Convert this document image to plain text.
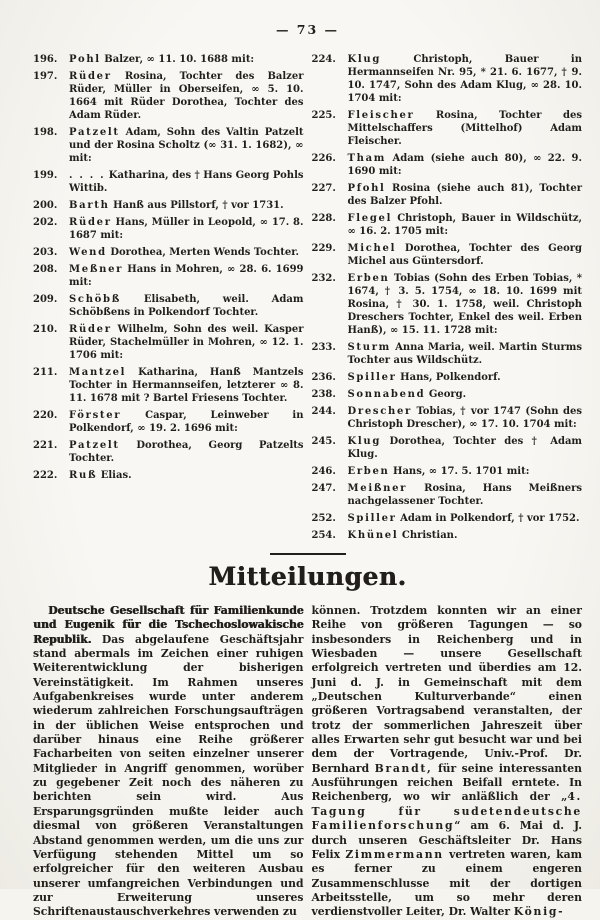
— 73 —
196.	Pohl Balzer, ∞ 11. 10. 1688 mit:
197.	Rüder Rosina, Tochter des Balzer Rüder, Müller in Oberseifen, ∞ 5. 10. 1664 mit Rüder Dorothea, Tochter des Adam Rüder.
198.	Patzelt Adam, Sohn des Valtin Patzelt und der Rosina Scholtz (∞ 31. 1. 1682), ∞ mit:
199.	. . . . Katharina, des † Hans Georg Pohls Wittib.
200.	Barth Hanß aus Pillstorf, † vor 1731.
202.	Rüder Hans, Müller in Leopold, ∞ 17. 8. 1687 mit:
203.	Wend Dorothea, Merten Wends Tochter.
208.	Meßner Hans in Mohren, ∞ 28. 6. 1699 mit:
209.	Schöbß Elisabeth, weil. Adam Schöbßens in Polkendorf Tochter.
210.	Rüder Wilhelm, Sohn des weil. Kasper Rüder, Stachelmüller in Mohren, ∞ 12. 1. 1706 mit:
211.	Mantzel Katharina, Hanß Mantzels Tochter in Hermannseifen, letzterer ∞ 8. 11. 1678 mit ? Bartel Friesens Tochter.
220.	Förster Caspar, Leinweber in Polkendorf, ∞ 19. 2. 1696 mit:
221.	Patzelt Dorothea, Georg Patzelts Tochter.
222.	Ruß Elias.
224.	Klug Christoph, Bauer in Hermannseifen Nr. 95, * 21. 6. 1677, † 9. 10. 1747, Sohn des Adam Klug, ∞ 28. 10. 1704 mit:
225.	Fleischer Rosina, Tochter des Mittelschaffers (Mittelhof) Adam Fleischer.
226.	Tham Adam (siehe auch 80), ∞ 22. 9. 1690 mit:
227.	Pfohl Rosina (siehe auch 81), Tochter des Balzer Pfohl.
228.	Flegel Christoph, Bauer in Wildschütz, ∞ 16. 2. 1705 mit:
229.	Michel Dorothea, Tochter des Georg Michel aus Güntersdorf.
232.	Erben Tobias (Sohn des Erben Tobias, * 1674, † 3. 5. 1754, ∞ 18. 10. 1699 mit Rosina, † 30. 1. 1758, weil. Christoph Dreschers Tochter, Enkel des weil. Erben Hanß), ∞ 15. 11. 1728 mit:
233.	Sturm Anna Maria, weil. Martin Sturms Tochter aus Wildschütz.
236.	Spiller Hans, Polkendorf.
238.	Sonnabend Georg.
244.	Drescher Tobias, † vor 1747 (Sohn des Christoph Drescher), ∞ 17. 10. 1704 mit:
245.	Klug Dorothea, Tochter des † Adam Klug.
246.	Erben Hans, ∞ 17. 5. 1701 mit:
247.	Meißner Rosina, Hans Meißners nachgelassener Tochter.
252.	Spiller Adam in Polkendorf, † vor 1752.
254.	Khünel Christian.
Mitteilungen.
Deutsche Gesellschaft für Familienkunde und Eugenik für die Tschechoslowakische Republik. Das abgelaufene Geschäftsjahr stand abermals im Zeichen einer ruhigen Weiterentwicklung der bisherigen Vereinstätigkeit. Im Rahmen unseres Aufgabenkreises wurde unter anderem wiederum zahlreichen Forschungsaufträgen in der üblichen Weise entsprochen und darüber hinaus eine Reihe größerer Facharbeiten von seiten einzelner unserer Mitglieder in Angriff genommen, worüber zu gegebener Zeit noch des näheren zu berichten sein wird. Aus Ersparungsgründen mußte leider auch diesmal von größeren Veranstaltungen Abstand genommen werden, um die uns zur Verfügung stehenden Mittel um so erfolgreicher für den weiteren Ausbau unserer umfangreichen Verbindungen und zur Erweiterung unseres Schriftenaustauschverkehres verwenden zu
können. Trotzdem konnten wir an einer Reihe von größeren Tagungen — so insbesonders in Reichenberg und in Wiesbaden — unsere Gesellschaft erfolgreich vertreten und überdies am 12. Juni d. J. in Gemeinschaft mit dem „Deutschen Kulturverbande“ einen größeren Vortragsabend veranstalten, der trotz der sommerlichen Jahreszeit über alles Erwarten sehr gut besucht war und bei dem der Vortragende, Univ.-Prof. Dr. Bernhard Brandt, für seine interessanten Ausführungen reichen Beifall erntete. In Reichenberg, wo wir anläßlich der „4. Tagung für sudetendeutsche Familienforschung“ am 6. Mai d. J. durch unseren Geschäftsleiter Dr. Hans Felix Zimmermann vertreten waren, kam es ferner zu einem engeren Zusammenschlusse mit der dortigen Arbeitsstelle, um so mehr deren verdienstvoller Leiter, Dr. Walter König-
